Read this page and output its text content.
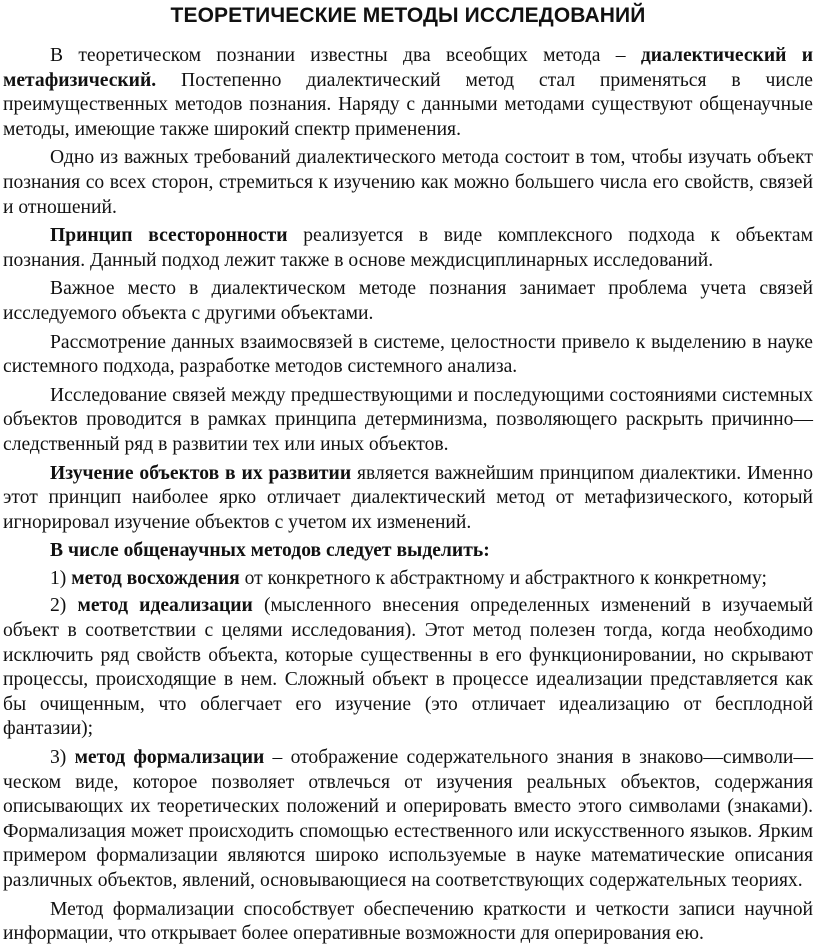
ТЕОРЕТИЧЕСКИЕ МЕТОДЫ ИССЛЕДОВАНИЙ

В теоретическом познании известны два всеобщих метода – диалектический и метафизический. Постепенно диалектический метод стал применяться в числе преимущественных методов познания. Наряду с данными методами существуют общенаучные методы, имеющие также широкий спектр применения.

Одно из важных требований диалектического метода состоит в том, чтобы изучать объект познания со всех сторон, стремиться к изучению как можно большего числа его свойств, связей и отношений.

Принцип всесторонности реализуется в виде комплексного подхода к объектам познания. Данный подход лежит также в основе междисциплинарных исследований.

Важное место в диалектическом методе познания занимает проблема учета связей исследуемого объекта с другими объектами.

Рассмотрение данных взаимосвязей в системе, целостности привело к выделению в науке системного подхода, разработке методов системного анализа.

Исследование связей между предшествующими и последующими состояниями системных объектов проводится в рамках принципа детерминизма, позволяющего раскрыть причинно—следственный ряд в развитии тех или иных объектов.

Изучение объектов в их развитии является важнейшим принципом диалектики. Именно этот принцип наиболее ярко отличает диалектический метод от метафизического, который игнорировал изучение объектов с учетом их изменений.

В числе общенаучных методов следует выделить:

1) метод восхождения от конкретного к абстрактному и абстрактного к конкретному;

2) метод идеализации (мысленного внесения определенных изменений в изучаемый объект в соответствии с целями исследования). Этот метод полезен тогда, когда необходимо исключить ряд свойств объекта, которые существенны в его функционировании, но скрывают процессы, происходящие в нем. Сложный объект в процессе идеализации представляется как бы очищенным, что облегчает его изучение (это отличает идеализацию от бесплодной фантазии);

3) метод формализации – отображение содержательного знания в знаково—символи—ческом виде, которое позволяет отвлечься от изучения реальных объектов, содержания описывающих их теоретических положений и оперировать вместо этого символами (знаками). Формализация может происходить спомощью естественного или искусственного языков. Ярким примером формализации являются широко используемые в науке математические описания различных объектов, явлений, основывающиеся на соответствующих содержательных теориях.

Метод формализации способствует обеспечению краткости и четкости записи научной информации, что открывает более оперативные возможности для оперирования ею.
